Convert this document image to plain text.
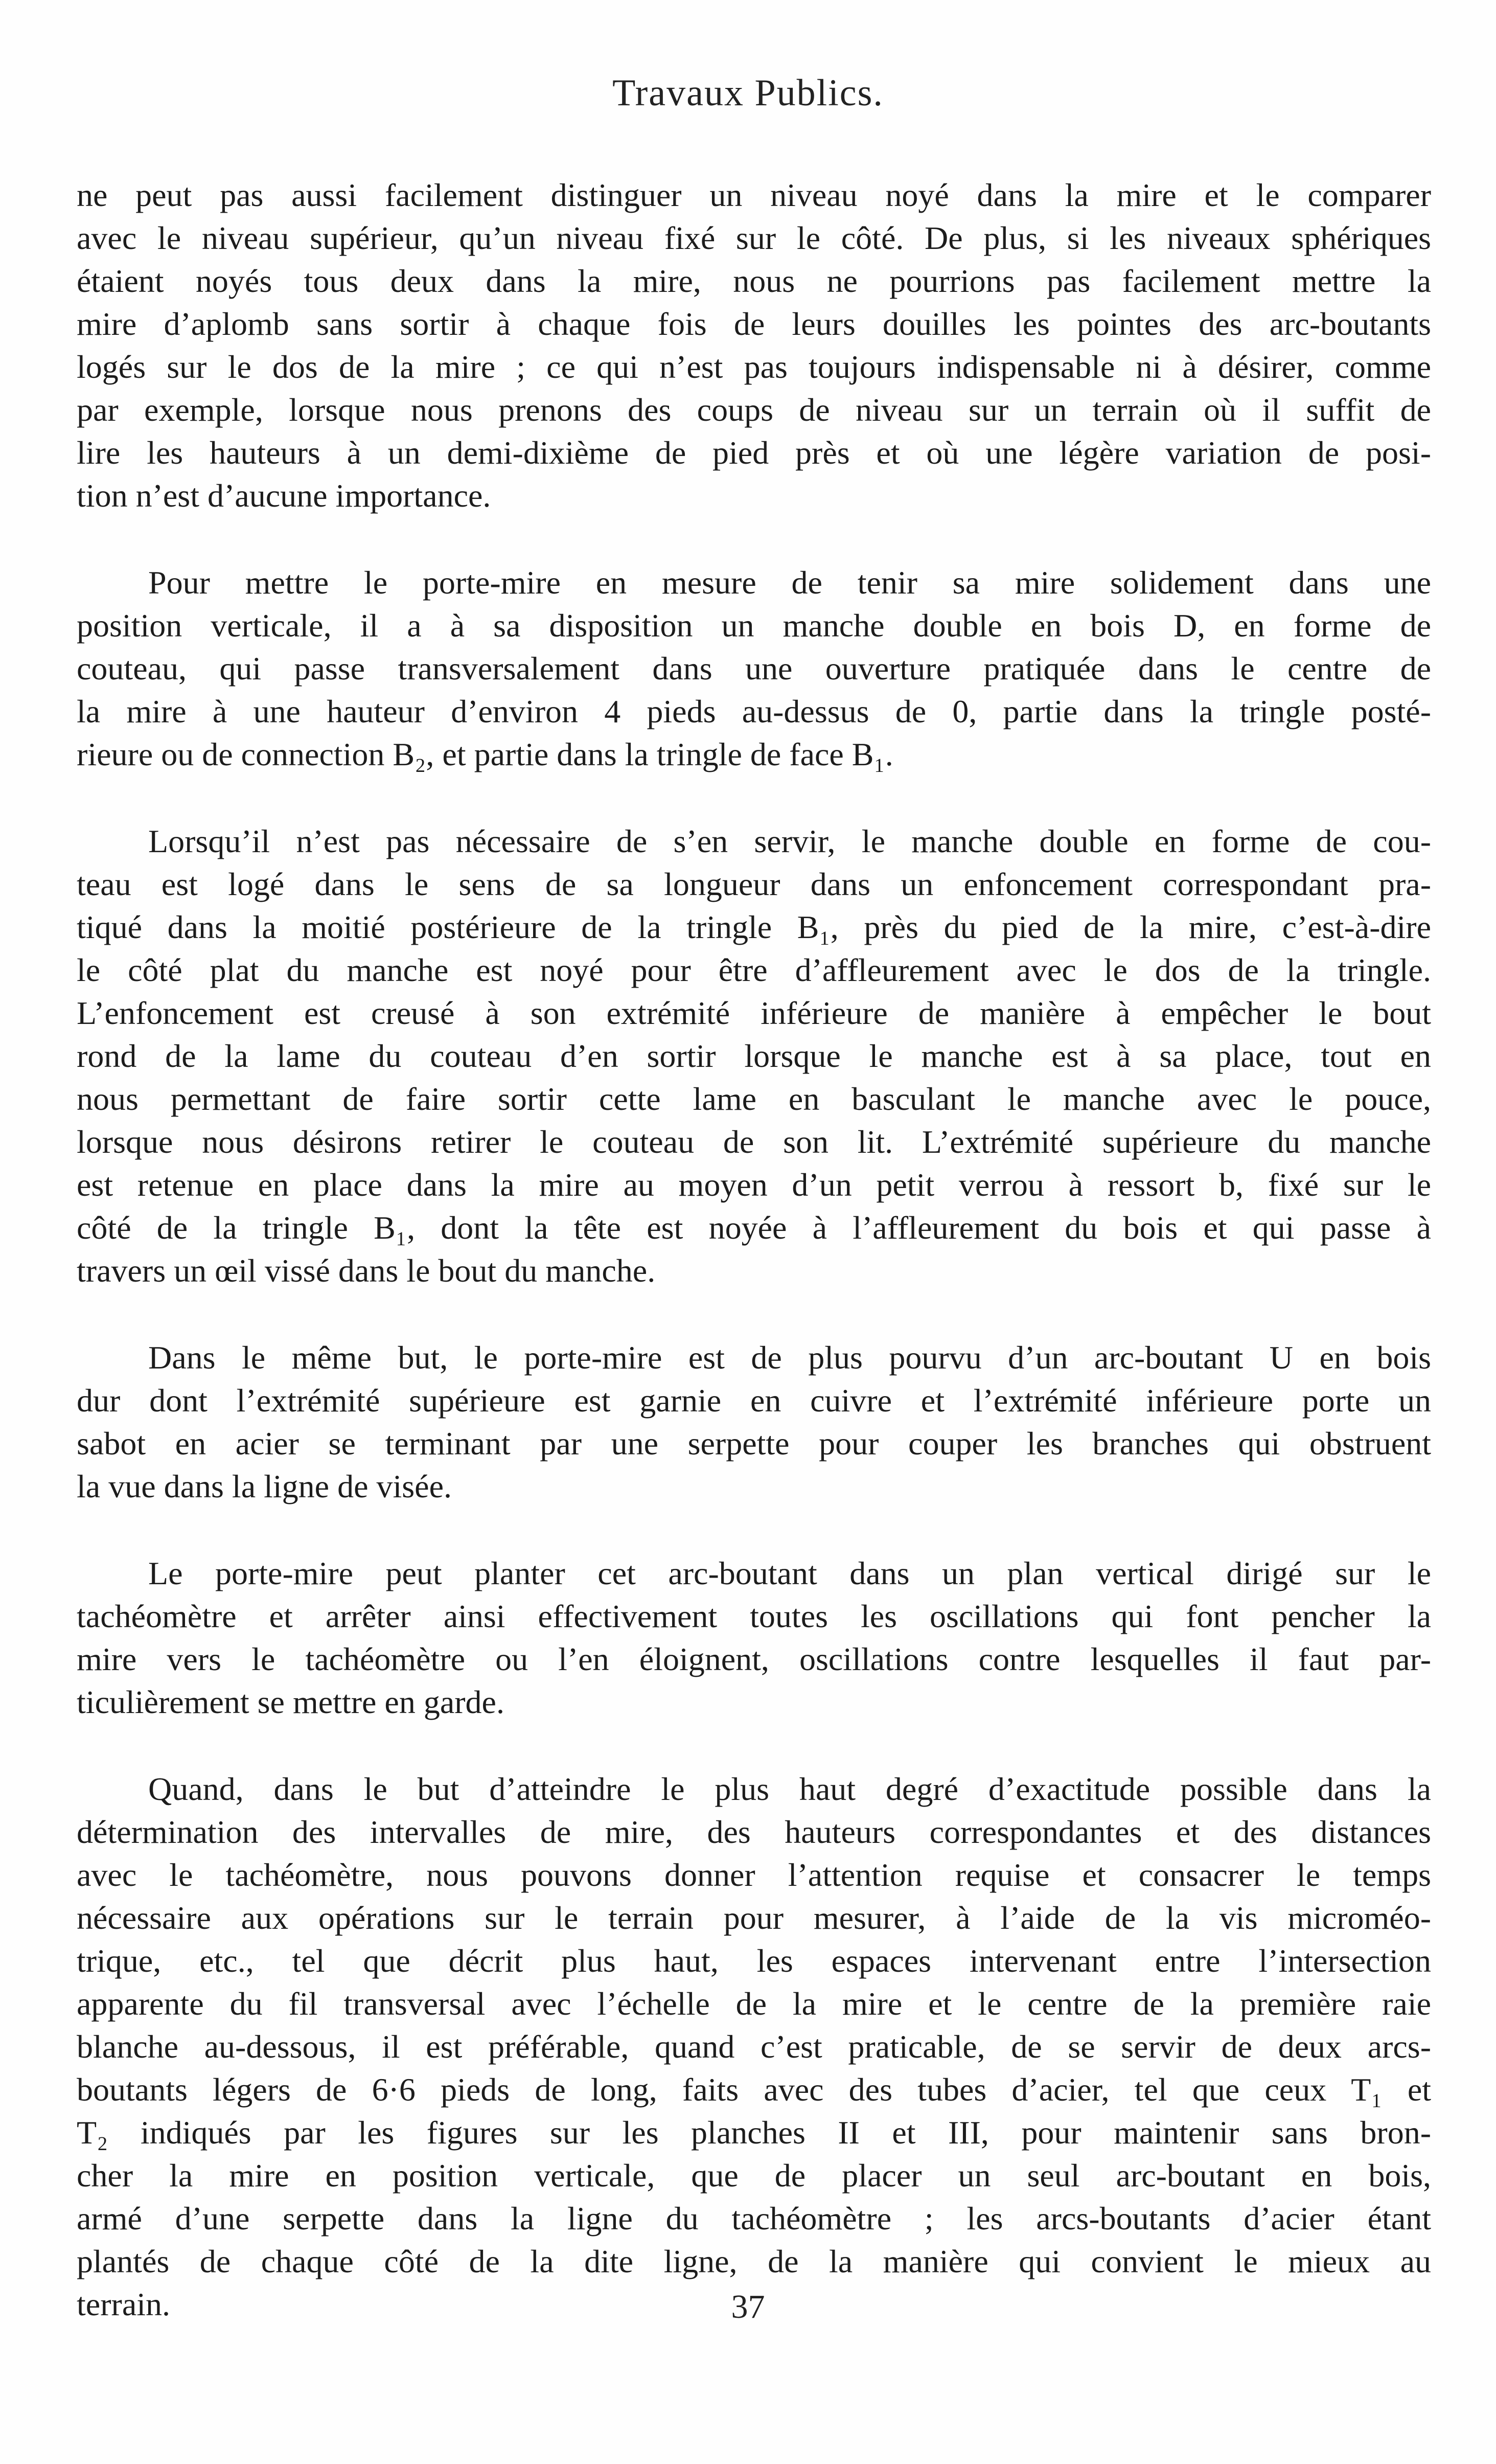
Travaux Publics.
ne peut pas aussi facilement distinguer un niveau noyé dans la mire et le comparer
avec le niveau supérieur, qu’un niveau fixé sur le côté. De plus, si les niveaux sphériques
étaient noyés tous deux dans la mire, nous ne pourrions pas facilement mettre la
mire d’aplomb sans sortir à chaque fois de leurs douilles les pointes des arc-boutants
logés sur le dos de la mire ; ce qui n’est pas toujours indispensable ni à désirer, comme
par exemple, lorsque nous prenons des coups de niveau sur un terrain où il suffit de
lire les hauteurs à un demi-dixième de pied près et où une légère variation de posi-
tion n’est d’aucune importance.
Pour mettre le porte-mire en mesure de tenir sa mire solidement dans une
position verticale, il a à sa disposition un manche double en bois D, en forme de
couteau, qui passe transversalement dans une ouverture pratiquée dans le centre de
la mire à une hauteur d’environ 4 pieds au-dessus de 0, partie dans la tringle posté-
rieure ou de connection B₂, et partie dans la tringle de face B₁.
Lorsqu’il n’est pas nécessaire de s’en servir, le manche double en forme de cou-
teau est logé dans le sens de sa longueur dans un enfoncement correspondant pra-
tiqué dans la moitié postérieure de la tringle B₁, près du pied de la mire, c’est-à-dire
le côté plat du manche est noyé pour être d’affleurement avec le dos de la tringle.
L’enfoncement est creusé à son extrémité inférieure de manière à empêcher le bout
rond de la lame du couteau d’en sortir lorsque le manche est à sa place, tout en
nous permettant de faire sortir cette lame en basculant le manche avec le pouce,
lorsque nous désirons retirer le couteau de son lit. L’extrémité supérieure du manche
est retenue en place dans la mire au moyen d’un petit verrou à ressort b, fixé sur le
côté de la tringle B₁, dont la tête est noyée à l’affleurement du bois et qui passe à
travers un œil vissé dans le bout du manche.
Dans le même but, le porte-mire est de plus pourvu d’un arc-boutant U en bois
dur dont l’extrémité supérieure est garnie en cuivre et l’extrémité inférieure porte un
sabot en acier se terminant par une serpette pour couper les branches qui obstruent
la vue dans la ligne de visée.
Le porte-mire peut planter cet arc-boutant dans un plan vertical dirigé sur le
tachéomètre et arrêter ainsi effectivement toutes les oscillations qui font pencher la
mire vers le tachéomètre ou l’en éloignent, oscillations contre lesquelles il faut par-
ticulièrement se mettre en garde.
Quand, dans le but d’atteindre le plus haut degré d’exactitude possible dans la
détermination des intervalles de mire, des hauteurs correspondantes et des distances
avec le tachéomètre, nous pouvons donner l’attention requise et consacrer le temps
nécessaire aux opérations sur le terrain pour mesurer, à l’aide de la vis microméo-
trique, etc., tel que décrit plus haut, les espaces intervenant entre l’intersection
apparente du fil transversal avec l’échelle de la mire et le centre de la première raie
blanche au-dessous, il est préférable, quand c’est praticable, de se servir de deux arcs-
boutants légers de 6·6 pieds de long, faits avec des tubes d’acier, tel que ceux T₁ et
T₂ indiqués par les figures sur les planches II et III, pour maintenir sans bron-
cher la mire en position verticale, que de placer un seul arc-boutant en bois,
armé d’une serpette dans la ligne du tachéomètre ; les arcs-boutants d’acier étant
plantés de chaque côté de la dite ligne, de la manière qui convient le mieux au
terrain.	37
